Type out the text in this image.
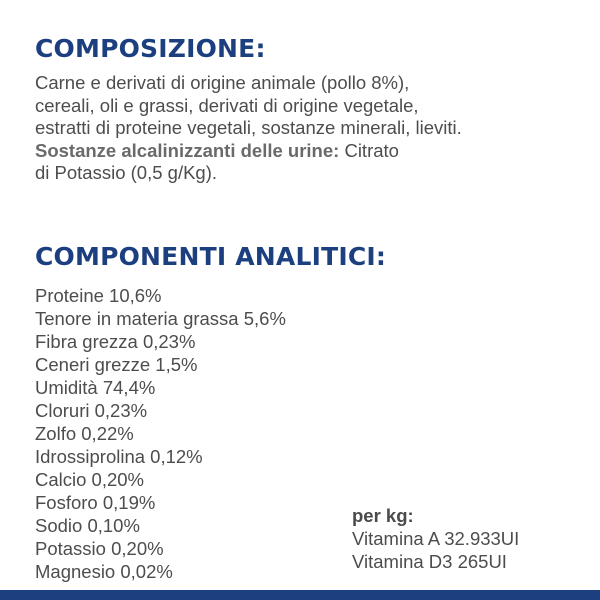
COMPOSIZIONE:
Carne e derivati di origine animale (pollo 8%),
cereali, oli e grassi, derivati di origine vegetale,
estratti di proteine vegetali, sostanze minerali, lieviti.
Sostanze alcalinizzanti delle urine: Citrato
di Potassio (0,5 g/Kg).
COMPONENTI ANALITICI:
Proteine 10,6%
Tenore in materia grassa 5,6%
Fibra grezza 0,23%
Ceneri grezze 1,5%
Umidità 74,4%
Cloruri 0,23%
Zolfo 0,22%
Idrossiprolina 0,12%
Calcio 0,20%
Fosforo 0,19%
Sodio 0,10%
Potassio 0,20%
Magnesio 0,02%
per kg:
Vitamina A 32.933UI
Vitamina D3 265UI
